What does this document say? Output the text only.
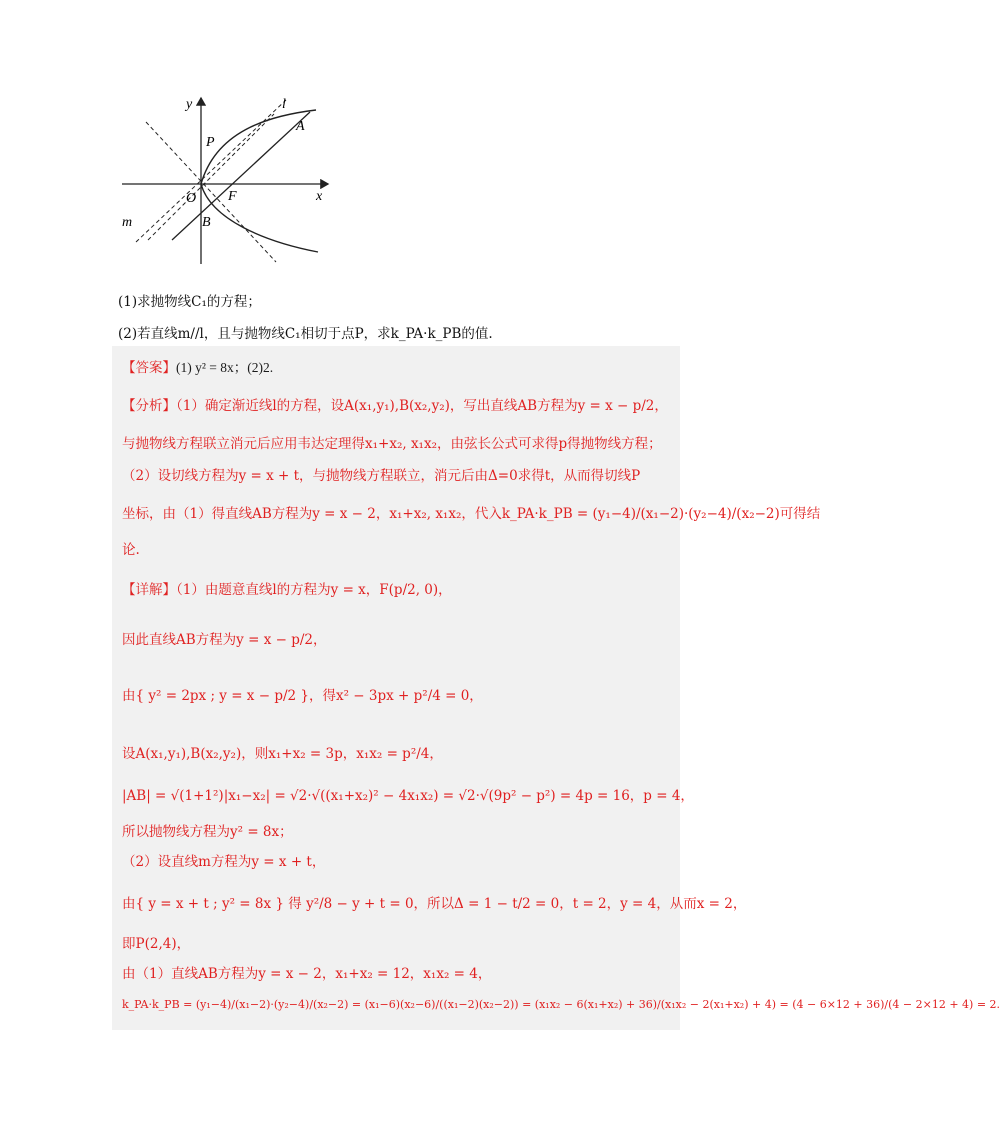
y	l
A
P
O F	x
B
m
(1)求抛物线C₁的方程；
(2)若直线m//l，且与抛物线C₁相切于点P，求k_PA·k_PB的值.
【答案】(1) y² = 8x；(2)2.
【分析】（1）确定渐近线l的方程，设A(x₁,y₁),B(x₂,y₂)，写出直线AB方程为y = x − p/2，
与抛物线方程联立消元后应用韦达定理得x₁+x₂, x₁x₂，由弦长公式可求得p得抛物线方程；
（2）设切线方程为y = x + t，与抛物线方程联立，消元后由Δ=0求得t，从而得切线P
坐标，由（1）得直线AB方程为y = x − 2，x₁+x₂, x₁x₂，代入k_PA·k_PB = (y₁−4)/(x₁−2)·(y₂−4)/(x₂−2)可得结
论.
【详解】（1）由题意直线l的方程为y = x，F(p/2, 0)，
因此直线AB方程为y = x − p/2，
由{ y² = 2px ; y = x − p/2 }，得x² − 3px + p²/4 = 0，
设A(x₁,y₁),B(x₂,y₂)，则x₁+x₂ = 3p，x₁x₂ = p²/4，
|AB| = √(1+1²)|x₁−x₂| = √2·√((x₁+x₂)² − 4x₁x₂) = √2·√(9p² − p²) = 4p = 16，p = 4，
所以抛物线方程为y² = 8x；
（2）设直线m方程为y = x + t，
由{ y = x + t ; y² = 8x } 得 y²/8 − y + t = 0，所以Δ = 1 − t/2 = 0，t = 2，y = 4，从而x = 2，
即P(2,4)，
由（1）直线AB方程为y = x − 2，x₁+x₂ = 12，x₁x₂ = 4，
k_PA·k_PB = (y₁−4)/(x₁−2)·(y₂−4)/(x₂−2) = (x₁−6)(x₂−6)/((x₁−2)(x₂−2)) = (x₁x₂ − 6(x₁+x₂) + 36)/(x₁x₂ − 2(x₁+x₂) + 4) = (4 − 6×12 + 36)/(4 − 2×12 + 4) = 2.
